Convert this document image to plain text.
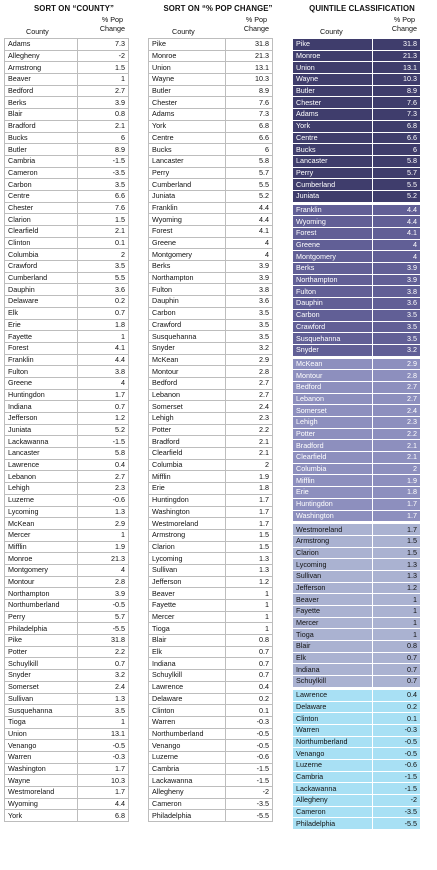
SORT ON “COUNTY”	SORT ON “% POP CHANGE”	QUINTILE CLASSIFICATION
County
% Pop
Change	County
% Pop
Change	County
% Pop
Change
Adams	7.3
Allegheny	-2
Armstrong	1.5
Beaver	1
Bedford	2.7
Berks	3.9
Blair	0.8
Bradford	2.1
Bucks	6
Butler	8.9
Cambria	-1.5
Cameron	-3.5
Carbon	3.5
Centre	6.6
Chester	7.6
Clarion	1.5
Clearfield	2.1
Clinton	0.1
Columbia	2
Crawford	3.5
Cumberland	5.5
Dauphin	3.6
Delaware	0.2
Elk	0.7
Erie	1.8
Fayette	1
Forest	4.1
Franklin	4.4
Fulton	3.8
Greene	4
Huntingdon	1.7
Indiana	0.7
Jefferson	1.2
Juniata	5.2
Lackawanna	-1.5
Lancaster	5.8
Lawrence	0.4
Lebanon	2.7
Lehigh	2.3
Luzerne	-0.6
Lycoming	1.3
McKean	2.9
Mercer	1
Mifflin	1.9
Monroe	21.3
Montgomery	4
Montour	2.8
Northampton	3.9
Northumberland	-0.5
Perry	5.7
Philadelphia	-5.5
Pike	31.8
Potter	2.2
Schuylkill	0.7
Snyder	3.2
Somerset	2.4
Sullivan	1.3
Susquehanna	3.5
Tioga	1
Union	13.1
Venango	-0.5
Warren	-0.3
Washington	1.7
Wayne	10.3
Westmoreland	1.7
Wyoming	4.4
York	6.8
Pike	31.8
Monroe	21.3
Union	13.1
Wayne	10.3
Butler	8.9
Chester	7.6
Adams	7.3
York	6.8
Centre	6.6
Bucks	6
Lancaster	5.8
Perry	5.7
Cumberland	5.5
Juniata	5.2
Franklin	4.4
Wyoming	4.4
Forest	4.1
Greene	4
Montgomery	4
Berks	3.9
Northampton	3.9
Fulton	3.8
Dauphin	3.6
Carbon	3.5
Crawford	3.5
Susquehanna	3.5
Snyder	3.2
McKean	2.9
Montour	2.8
Bedford	2.7
Lebanon	2.7
Somerset	2.4
Lehigh	2.3
Potter	2.2
Bradford	2.1
Clearfield	2.1
Columbia	2
Mifflin	1.9
Erie	1.8
Huntingdon	1.7
Washington	1.7
Westmoreland	1.7
Armstrong	1.5
Clarion	1.5
Lycoming	1.3
Sullivan	1.3
Jefferson	1.2
Beaver	1
Fayette	1
Mercer	1
Tioga	1
Blair	0.8
Elk	0.7
Indiana	0.7
Schuylkill	0.7
Lawrence	0.4
Delaware	0.2
Clinton	0.1
Warren	-0.3
Northumberland	-0.5
Venango	-0.5
Luzerne	-0.6
Cambria	-1.5
Lackawanna	-1.5
Allegheny	-2
Cameron	-3.5
Philadelphia	-5.5
Pike	31.8
Monroe	21.3
Union	13.1
Wayne	10.3
Butler	8.9
Chester	7.6
Adams	7.3
York	6.8
Centre	6.6
Bucks	6
Lancaster	5.8
Perry	5.7
Cumberland	5.5
Juniata	5.2
Franklin	4.4
Wyoming	4.4
Forest	4.1
Greene	4
Montgomery	4
Berks	3.9
Northampton	3.9
Fulton	3.8
Dauphin	3.6
Carbon	3.5
Crawford	3.5
Susquehanna	3.5
Snyder	3.2
McKean	2.9
Montour	2.8
Bedford	2.7
Lebanon	2.7
Somerset	2.4
Lehigh	2.3
Potter	2.2
Bradford	2.1
Clearfield	2.1
Columbia	2
Mifflin	1.9
Erie	1.8
Huntingdon	1.7
Washington	1.7
Westmoreland	1.7
Armstrong	1.5
Clarion	1.5
Lycoming	1.3
Sullivan	1.3
Jefferson	1.2
Beaver	1
Fayette	1
Mercer	1
Tioga	1
Blair	0.8
Elk	0.7
Indiana	0.7
Schuylkill	0.7
Lawrence	0.4
Delaware	0.2
Clinton	0.1
Warren	-0.3
Northumberland	-0.5
Venango	-0.5
Luzerne	-0.6
Cambria	-1.5
Lackawanna	-1.5
Allegheny	-2
Cameron	-3.5
Philadelphia	-5.5
